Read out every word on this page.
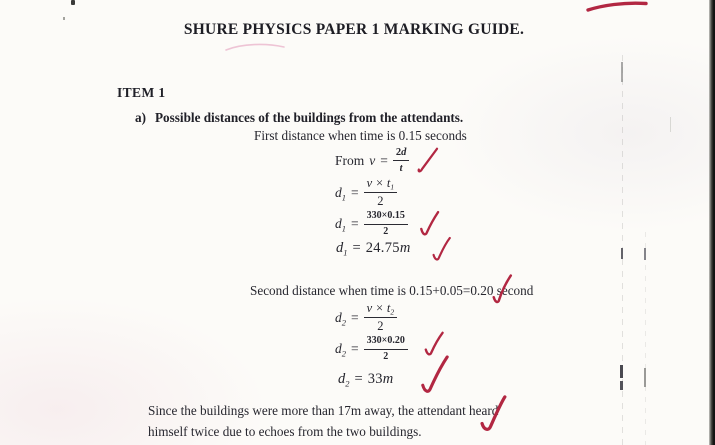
SHURE PHYSICS PAPER 1 MARKING GUIDE.
ITEM 1
a) Possible distances of the buildings from the attendants.
First distance when time is 0.15 seconds
From $v = \frac{2d}{t}$
$d_1 = \frac{v \times t_1}{2}$
$d_1 = \frac{330\times 0.15}{2}$
$d_1 = 24.75m$
Second distance when time is 0.15+0.05=0.20 second
$d_2 = \frac{v \times t_2}{2}$
$d_2 = \frac{330\times 0.20}{2}$
$d_2 = 33m$
Since the buildings were more than 17m away, the attendant heard
himself twice due to echoes from the two buildings.
